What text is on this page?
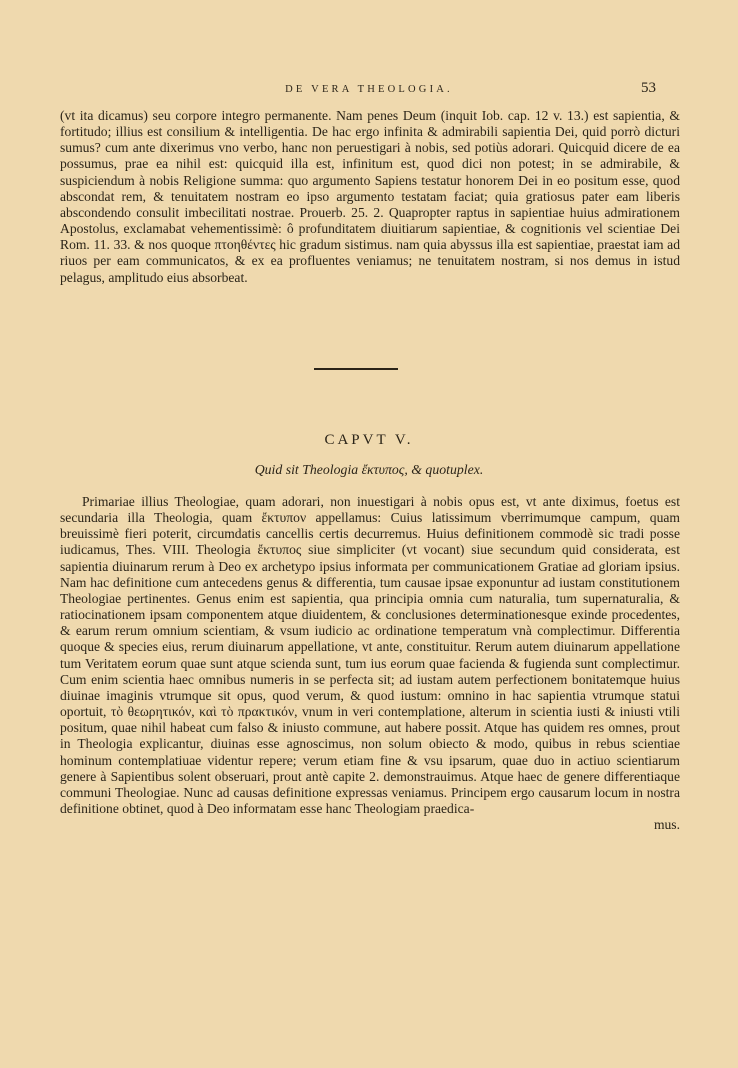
DE VERA THEOLOGIA.	53

(vt ita dicamus) seu corpore integro permanente. Nam penes Deum (inquit Iob. cap. 12 v. 13.) est sapientia, & fortitudo; illius est consilium & intelligentia. De hac ergo infinita & admirabili sapientia Dei, quid porrò dicturi sumus? cum ante dixerimus vno verbo, hanc non peruestigari à nobis, sed potiùs adorari. Quicquid dicere de ea possumus, prae ea nihil est: quicquid illa est, infinitum est, quod dici non potest; in se admirabile, & suspiciendum à nobis Religione summa: quo argumento Sapiens testatur honorem Dei in eo positum esse, quod abscondat rem, & tenuitatem nostram eo ipso argumento testatam faciat; quia gratiosus pater eam liberis abscondendo consulit imbecilitati nostrae. Prouerb. 25. 2. Quapropter raptus in sapientiae huius admirationem Apostolus, exclamabat vehementissimè: ô profunditatem diuitiarum sapientiae, & cognitionis vel scientiae Dei Rom. 11. 33. & nos quoque πτοηθέντες hic gradum sistimus. nam quia abyssus illa est sapientiae, praestat iam ad riuos per eam communicatos, & ex ea profluentes veniamus; ne tenuitatem nostram, si nos demus in istud pelagus, amplitudo eius absorbeat.

CAPVT V.
Quid sit Theologia ἔκτυπος, & quotuplex.

Primariae illius Theologiae, quam adorari, non inuestigari à nobis opus est, vt ante diximus, foetus est secundaria illa Theologia, quam ἔκτυπον appellamus: Cuius latissimum vberrimumque campum, quam breuissimè fieri poterit, circumdatis cancellis certis decurremus. Huius definitionem commodè sic tradi posse iudicamus, Thes. VIII. Theologia ἔκτυπος siue simpliciter (vt vocant) siue secundum quid considerata, est sapientia diuinarum rerum à Deo ex archetypo ipsius informata per communicationem Gratiae ad gloriam ipsius. Nam hac definitione cum antecedens genus & differentia, tum causae ipsae exponuntur ad iustam constitutionem Theologiae pertinentes. Genus enim est sapientia, qua principia omnia cum naturalia, tum supernaturalia, & ratiocinationem ipsam componentem atque diuidentem, & conclusiones determinationesque exinde procedentes, & earum rerum omnium scientiam, & vsum iudicio ac ordinatione temperatum vnà complectimur. Differentia quoque & species eius, rerum diuinarum appellatione, vt ante, constituitur. Rerum autem diuinarum appellatione tum Veritatem eorum quae sunt atque scienda sunt, tum ius eorum quae facienda & fugienda sunt complectimur. Cum enim scientia haec omnibus numeris in se perfecta sit; ad iustam autem perfectionem bonitatemque huius diuinae imaginis vtrumque sit opus, quod verum, & quod iustum: omnino in hac sapientia vtrumque statui oportuit, τὸ θεωρητικόν, καὶ τὸ πρακτικόν, vnum in veri contemplatione, alterum in scientia iusti & iniusti vtili positum, quae nihil habeat cum falso & iniusto commune, aut habere possit. Atque has quidem res omnes, prout in Theologia explicantur, diuinas esse agnoscimus, non solum obiecto & modo, quibus in rebus scientiae hominum contemplatiuae videntur repere; verum etiam fine & vsu ipsarum, quae duo in actiuo scientiarum genere à Sapientibus solent obseruari, prout antè capite 2. demonstrauimus. Atque haec de genere differentiaque communi Theologiae. Nunc ad causas definitione expressas veniamus. Principem ergo causarum locum in nostra definitione obtinet, quod à Deo informatam esse hanc Theologiam praedica-

mus.
